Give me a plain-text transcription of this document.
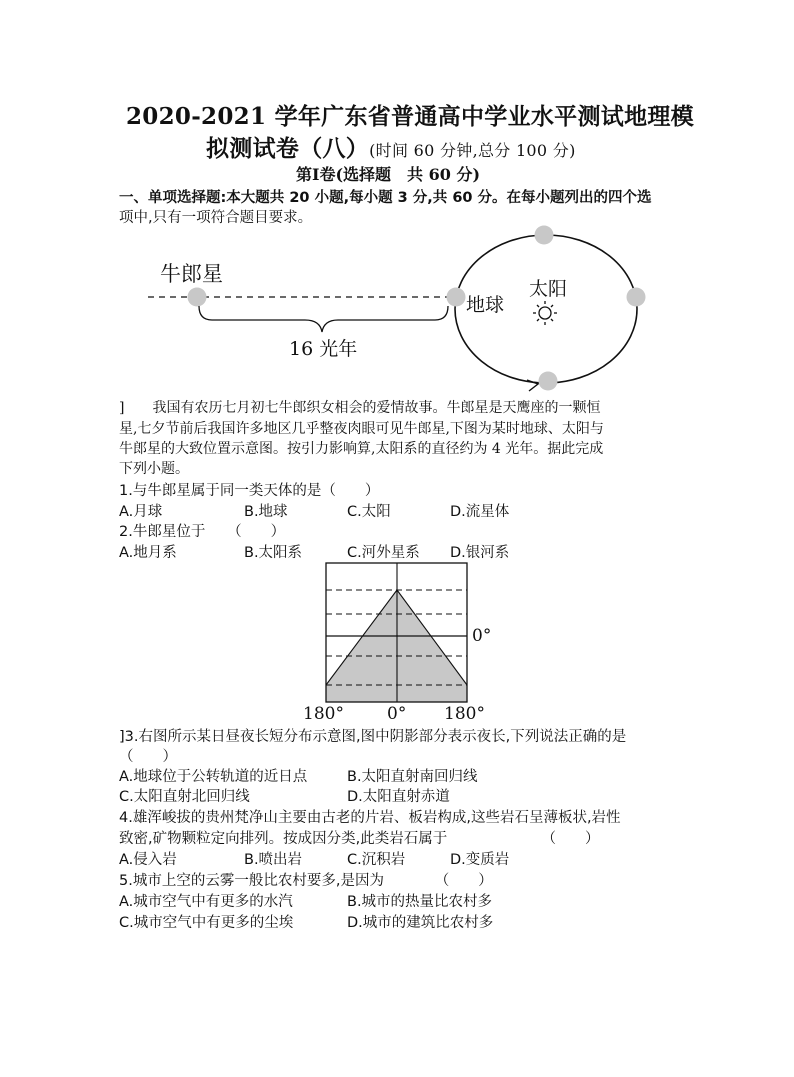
2020-2021 学年广东省普通高中学业水平测试地理模
拟测试卷（八）(时间 60 分钟,总分 100 分)
第Ⅰ卷(选择题　共 60 分)
一、单项选择题:本大题共 20 小题,每小题 3 分,共 60 分。在每小题列出的四个选
项中,只有一项符合题目要求。
牛郎星
地球
太阳
16 光年
]　　我国有农历七月初七牛郎织女相会的爱情故事。牛郎星是天鹰座的一颗恒
星,七夕节前后我国许多地区几乎整夜肉眼可见牛郎星,下图为某时地球、太阳与
牛郎星的大致位置示意图。按引力影响算,太阳系的直径约为 4 光年。据此完成
下列小题。
1.与牛郎星属于同一类天体的是（　　）
A.月球	B.地球	C.太阳	D.流星体
2.牛郎星位于　　（　　）
A.地月系	B.太阳系	C.河外星系 D.银河系
0°
180°	0° 180°
]3.右图所示某日昼夜长短分布示意图,图中阴影部分表示夜长,下列说法正确的是
（　　）
A.地球位于公转轨道的近日点	B.太阳直射南回归线
C.太阳直射北回归线	D.太阳直射赤道
4.雄浑峻拔的贵州梵净山主要由古老的片岩、板岩构成,这些岩石呈薄板状,岩性
致密,矿物颗粒定向排列。按成因分类,此类岩石属于　　　　　　　（　　）
A.侵入岩	B.喷出岩	C.沉积岩	D.变质岩
5.城市上空的云雾一般比农村要多,是因为　　　　（　　）
A.城市空气中有更多的水汽	B.城市的热量比农村多
C.城市空气中有更多的尘埃	D.城市的建筑比农村多
